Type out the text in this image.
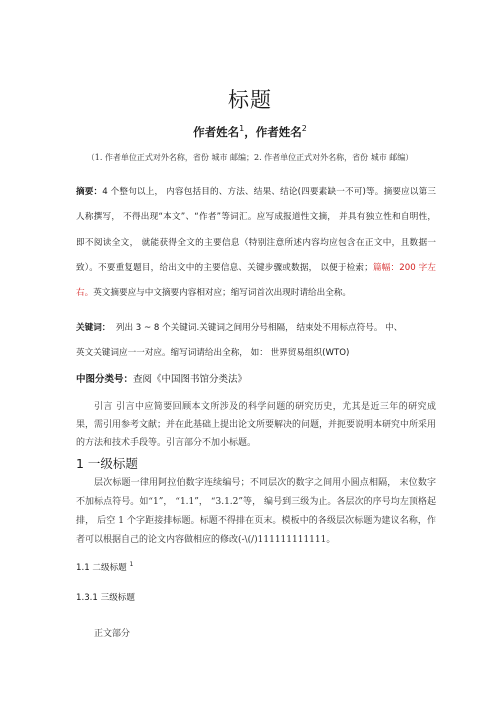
标题
作者姓名$^1$，作者姓名$^2$
（1. 作者单位正式对外名称，省份 城市 邮编；2. 作者单位正式对外名称，省份 城市 邮编）
摘要：4 个整句以上， 内容包括目的、方法、结果、结论(四要素缺一不可)等。摘要应以第三人称撰写， 不得出现“本文”、“作者”等词汇。应写成报道性文摘， 并具有独立性和自明性， 即不阅读全文， 就能获得全文的主要信息（特别注意所述内容均应包含在正文中，且数据一致）。不要重复题目，给出文中的主要信息、关键步骤或数据， 以便于检索；篇幅：200 字左右。英文摘要应与中文摘要内容相对应；缩写词首次出现时请给出全称。
关键词： 列出 3 ~ 8 个关键词.关键词之间用分号相隔， 结束处不用标点符号。 中、
英文关键词应一一对应。缩写词请给出全称， 如： 世界贸易组织(WTO)
中图分类号：查阅《中国图书馆分类法》
引言 引言中应简要回顾本文所涉及的科学问题的研究历史，尤其是近三年的研究成果，需引用参考文献；并在此基础上提出论文所要解决的问题，并扼要说明本研究中所采用的方法和技术手段等。引言部分不加小标题。
1 一级标题
层次标题一律用阿拉伯数字连续编号；不同层次的数字之间用小圆点相隔， 末位数字不加标点符号。如“1”， “1.1”， “3.1.2”等， 编号到三级为止。各层次的序号均左顶格起排， 后空 1 个字距接排标题。标题不得排在页末。模板中的各级层次标题为建议名称，作者可以根据自己的论文内容做相应的修改(-\(/)111111111111。
1.1 二级标题 $^1$
1.3.1 三级标题
正文部分
